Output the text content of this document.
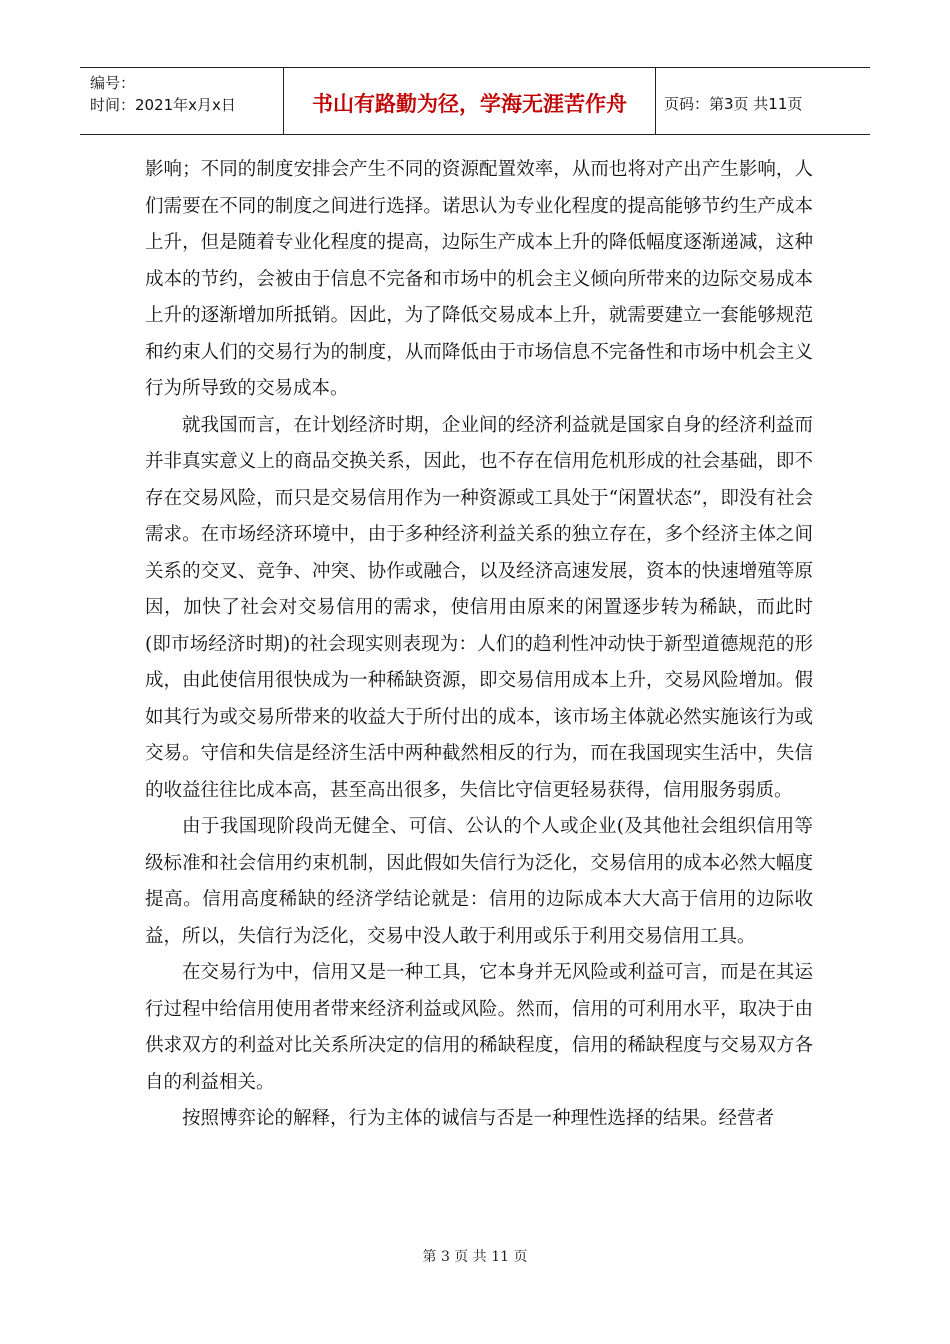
编号：
时间：2021年x月x日	书山有路勤为径，学海无涯苦作舟	页码：第3页 共11页

影响；不同的制度安排会产生不同的资源配置效率，从而也将对产出产生影响，人们需要在不同的制度之间进行选择。诺思认为专业化程度的提高能够节约生产成本上升，但是随着专业化程度的提高，边际生产成本上升的降低幅度逐渐递减，这种成本的节约，会被由于信息不完备和市场中的机会主义倾向所带来的边际交易成本上升的逐渐增加所抵销。因此，为了降低交易成本上升，就需要建立一套能够规范和约束人们的交易行为的制度，从而降低由于市场信息不完备性和市场中机会主义行为所导致的交易成本。

就我国而言，在计划经济时期，企业间的经济利益就是国家自身的经济利益而并非真实意义上的商品交换关系，因此，也不存在信用危机形成的社会基础，即不存在交易风险，而只是交易信用作为一种资源或工具处于“闲置状态”，即没有社会需求。在市场经济环境中，由于多种经济利益关系的独立存在，多个经济主体之间关系的交叉、竞争、冲突、协作或融合，以及经济高速发展，资本的快速增殖等原因，加快了社会对交易信用的需求，使信用由原来的闲置逐步转为稀缺，而此时(即市场经济时期)的社会现实则表现为：人们的趋利性冲动快于新型道德规范的形成，由此使信用很快成为一种稀缺资源，即交易信用成本上升，交易风险增加。假如其行为或交易所带来的收益大于所付出的成本，该市场主体就必然实施该行为或交易。守信和失信是经济生活中两种截然相反的行为，而在我国现实生活中，失信的收益往往比成本高，甚至高出很多，失信比守信更轻易获得，信用服务弱质。

由于我国现阶段尚无健全、可信、公认的个人或企业(及其他社会组织信用等级标准和社会信用约束机制，因此假如失信行为泛化，交易信用的成本必然大幅度提高。信用高度稀缺的经济学结论就是：信用的边际成本大大高于信用的边际收益，所以，失信行为泛化，交易中没人敢于利用或乐于利用交易信用工具。

在交易行为中，信用又是一种工具，它本身并无风险或利益可言，而是在其运行过程中给信用使用者带来经济利益或风险。然而，信用的可利用水平，取决于由供求双方的利益对比关系所决定的信用的稀缺程度，信用的稀缺程度与交易双方各自的利益相关。

按照博弈论的解释，行为主体的诚信与否是一种理性选择的结果。经营者

第 3 页 共 11 页
